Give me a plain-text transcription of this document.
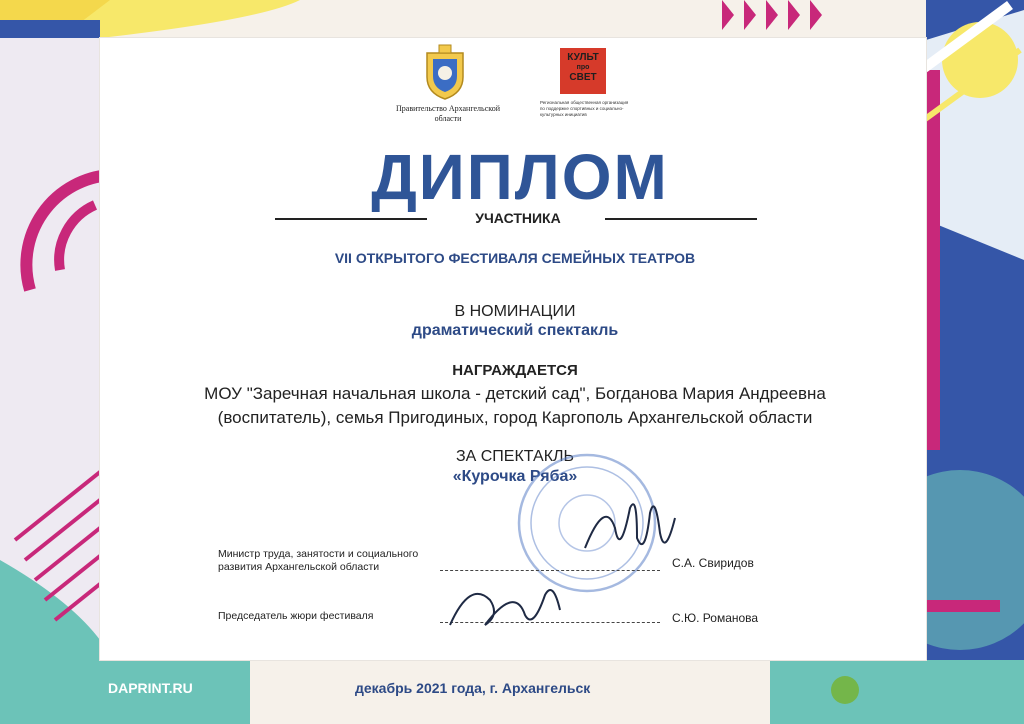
Правительство Архангельской области
КУЛЬТ
про
СВЕТ
Региональная общественная организация по поддержке спортивных и социально-культурных инициатив
ДИПЛОМ
УЧАСТНИКА
VII ОТКРЫТОГО ФЕСТИВАЛЯ СЕМЕЙНЫХ ТЕАТРОВ
В НОМИНАЦИИ
драматический спектакль
НАГРАЖДАЕТСЯ
МОУ "Заречная начальная школа - детский сад", Богданова Мария Андреевна
(воспитатель), семья Пригодиных, город Каргополь Архангельской области
ЗА СПЕКТАКЛЬ
«Курочка Ряба»
Министр труда, занятости и социального развития Архангельской области	С.А. Свиридов
Председатель жюри фестиваля	С.Ю. Романова
DAPRINT.RU	декабрь 2021 года, г. Архангельск
